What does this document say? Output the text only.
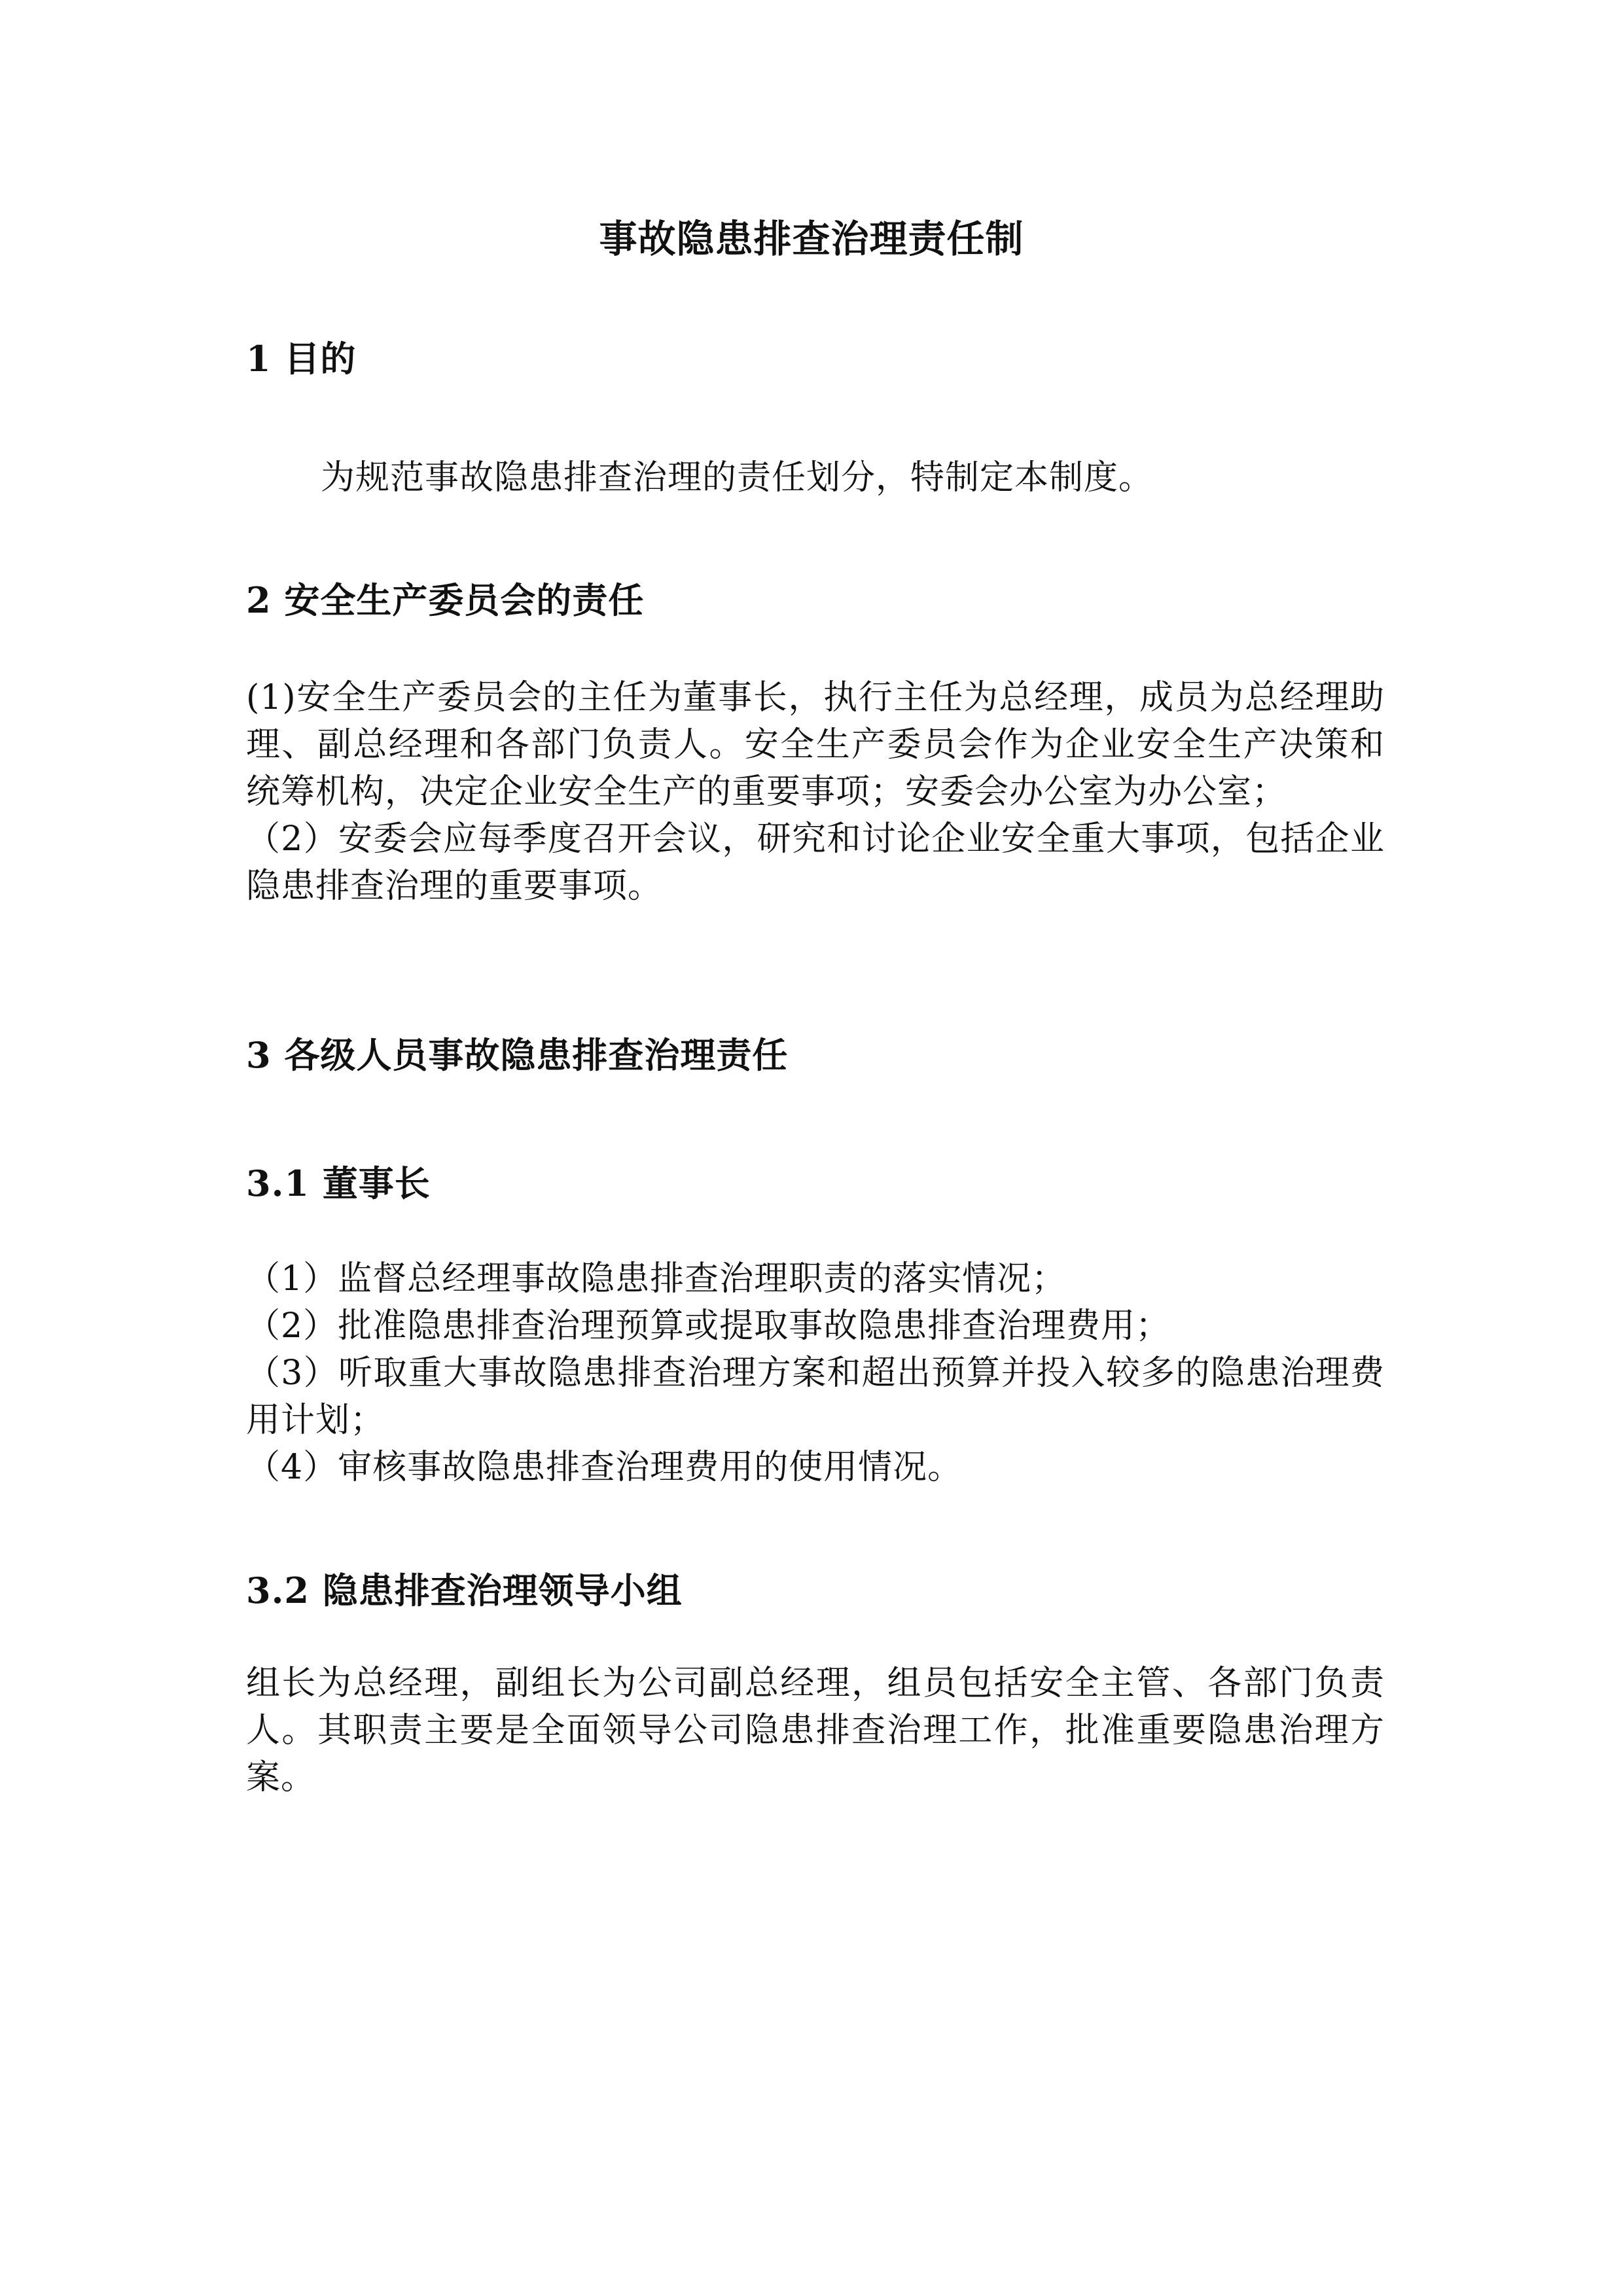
事故隐患排查治理责任制
1 目的

为规范事故隐患排查治理的责任划分，特制定本制度。

2 安全生产委员会的责任
(1)安全生产委员会的主任为董事长，执行主任为总经理，成员为总经理助理、副总经理和各部门负责人。安全生产委员会作为企业安全生产决策和统筹机构，决定企业安全生产的重要事项；安委会办公室为办公室；
（2）安委会应每季度召开会议，研究和讨论企业安全重大事项，包括企业隐患排查治理的重要事项。
3 各级人员事故隐患排查治理责任
3.1 董事长
（1）监督总经理事故隐患排查治理职责的落实情况；
（2）批准隐患排查治理预算或提取事故隐患排查治理费用；
（3）听取重大事故隐患排查治理方案和超出预算并投入较多的隐患治理费用计划；
（4）审核事故隐患排查治理费用的使用情况。
3.2 隐患排查治理领导小组

组长为总经理，副组长为公司副总经理，组员包括安全主管、各部门负责人。其职责主要是全面领导公司隐患排查治理工作，批准重要隐患治理方案。
